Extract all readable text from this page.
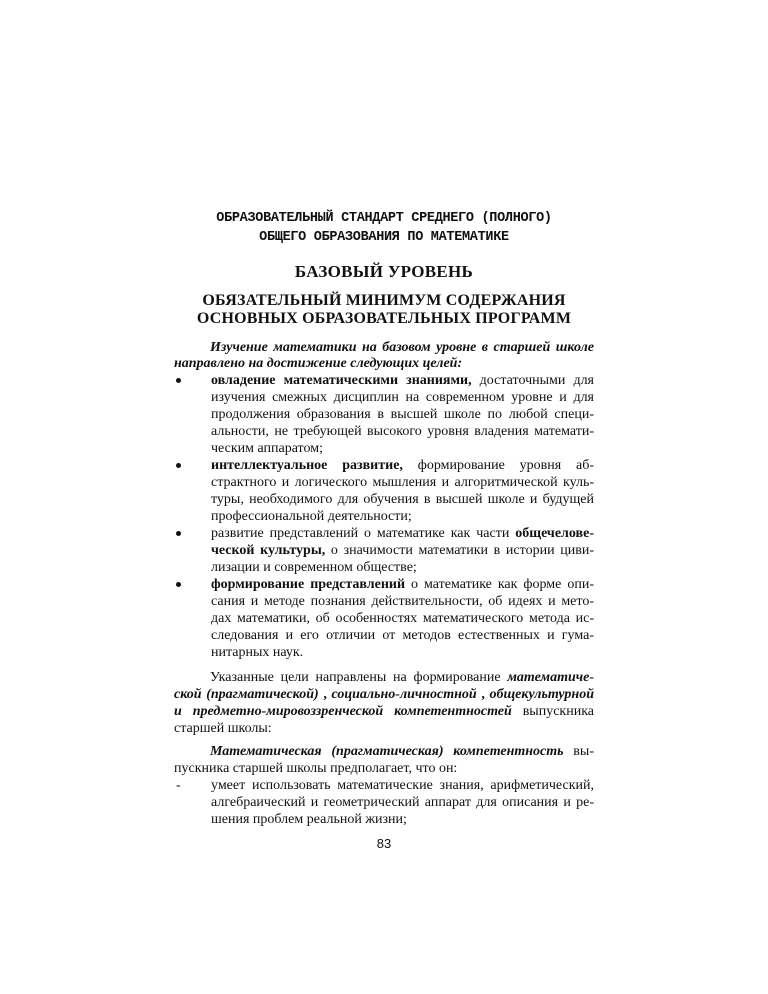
ОБРАЗОВАТЕЛЬНЫЙ СТАНДАРТ СРЕДНЕГО (ПОЛНОГО)
ОБЩЕГО ОБРАЗОВАНИЯ ПО МАТЕМАТИКЕ
БАЗОВЫЙ УРОВЕНЬ
ОБЯЗАТЕЛЬНЫЙ МИНИМУМ СОДЕРЖАНИЯ
ОСНОВНЫХ ОБРАЗОВАТЕЛЬНЫХ ПРОГРАММ
Изучение математики на базовом уровне в старшей школе
направлено на достижение следующих целей:
овладение математическими знаниями, достаточными для
изучения смежных дисциплин на современном уровне и для
продолжения образования в высшей школе по любой специ-
альности, не требующей высокого уровня владения математи-
ческим аппаратом;
интеллектуальное развитие, формирование уровня аб-
страктного и логического мышления и алгоритмической куль-
туры, необходимого для обучения в высшей школе и будущей
профессиональной деятельности;
развитие представлений о математике как части общечелове-
ческой культуры, о значимости математики в истории циви-
лизации и современном обществе;
формирование представлений о математике как форме опи-
сания и методе познания действительности, об идеях и мето-
дах математики, об особенностях математического метода ис-
следования и его отличии от методов естественных и гума-
нитарных наук.
Указанные цели направлены на формирование математиче-
ской (прагматической) , социально-личностной , общекультурной
и предметно-мировоззренческой компетентностей выпускника
старшей школы:
Математическая (прагматическая) компетентность вы-
пускника старшей школы предполагает, что он:
- умеет использовать математические знания, арифметический,
алгебраический и геометрический аппарат для описания и ре-
шения проблем реальной жизни;
83
